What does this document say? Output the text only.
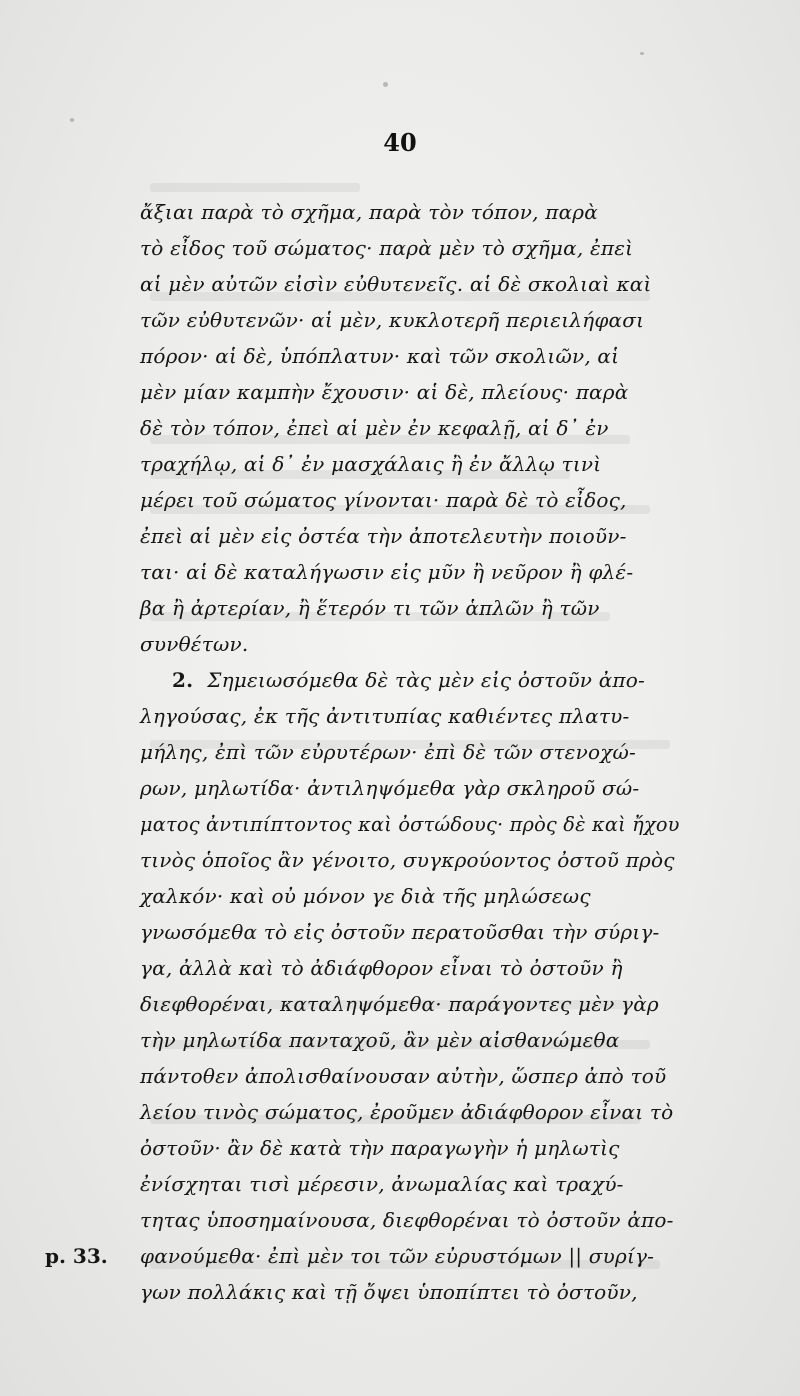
40
ἄξιαι παρὰ τὸ σχῆμα, παρὰ τὸν τόπον, παρὰ
τὸ εἶδος τοῦ σώματος· παρὰ μὲν τὸ σχῆμα, ἐπεὶ
αἱ μὲν αὐτῶν εἰσὶν εὐθυτενεῖς. αἱ δὲ σκολιαὶ καὶ
τῶν εὐθυτενῶν· αἱ μὲν, κυκλοτερῆ περιειλήφασι
πόρον· αἱ δὲ, ὑπόπλατυν· καὶ τῶν σκολιῶν, αἱ
μὲν μίαν καμπὴν ἔχουσιν· αἱ δὲ, πλείους· παρὰ
δὲ τὸν τόπον, ἐπεὶ αἱ μὲν ἐν κεφαλῇ, αἱ δ᾽ ἐν
τραχήλῳ, αἱ δ᾽ ἐν μασχάλαις ἢ ἐν ἄλλῳ τινὶ
μέρει τοῦ σώματος γίνονται· παρὰ δὲ τὸ εἶδος,
ἐπεὶ αἱ μὲν εἰς ὀστέα τὴν ἀποτελευτὴν ποιοῦν-
ται· αἱ δὲ καταλήγωσιν εἰς μῦν ἢ νεῦρον ἢ φλέ-
βα ἢ ἀρτερίαν, ἢ ἕτερόν τι τῶν ἁπλῶν ἢ τῶν
συνθέτων.
2. Σημειωσόμεθα δὲ τὰς μὲν εἰς ὀστοῦν ἀπο-
ληγούσας, ἐκ τῆς ἀντιτυπίας καθιέντες πλατυ-
μήλης, ἐπὶ τῶν εὐρυτέρων· ἐπὶ δὲ τῶν στενοχώ-
ρων, μηλωτίδα· ἀντιληψόμεθα γὰρ σκληροῦ σώ-
ματος ἀντιπίπτοντος καὶ ὀστώδους· πρὸς δὲ καὶ ἤχου
τινὸς ὁποῖος ἂν γένοιτο, συγκρούοντος ὀστοῦ πρὸς
χαλκόν· καὶ οὐ μόνον γε διὰ τῆς μηλώσεως
γνωσόμεθα τὸ εἰς ὀστοῦν περατοῦσθαι τὴν σύριγ-
γα, ἀλλὰ καὶ τὸ ἀδιάφθορον εἶναι τὸ ὀστοῦν ἢ
διεφθορέναι, καταληψόμεθα· παράγοντες μὲν γὰρ
τὴν μηλωτίδα πανταχοῦ, ἂν μὲν αἰσθανώμεθα
πάντοθεν ἀπολισθαίνουσαν αὐτὴν, ὥσπερ ἀπὸ τοῦ
λείου τινὸς σώματος, ἐροῦμεν ἀδιάφθορον εἶναι τὸ
ὀστοῦν· ἂν δὲ κατὰ τὴν παραγωγὴν ἡ μηλωτὶς
ἐνίσχηται τισὶ μέρεσιν, ἀνωμαλίας καὶ τραχύ-
τητας ὑποσημαίνουσα, διεφθορέναι τὸ ὀστοῦν ἀπο-
p. 33. φανούμεθα· ἐπὶ μὲν τοι τῶν εὐρυστόμων || συρίγ-
γων πολλάκις καὶ τῇ ὄψει ὑποπίπτει τὸ ὀστοῦν,
